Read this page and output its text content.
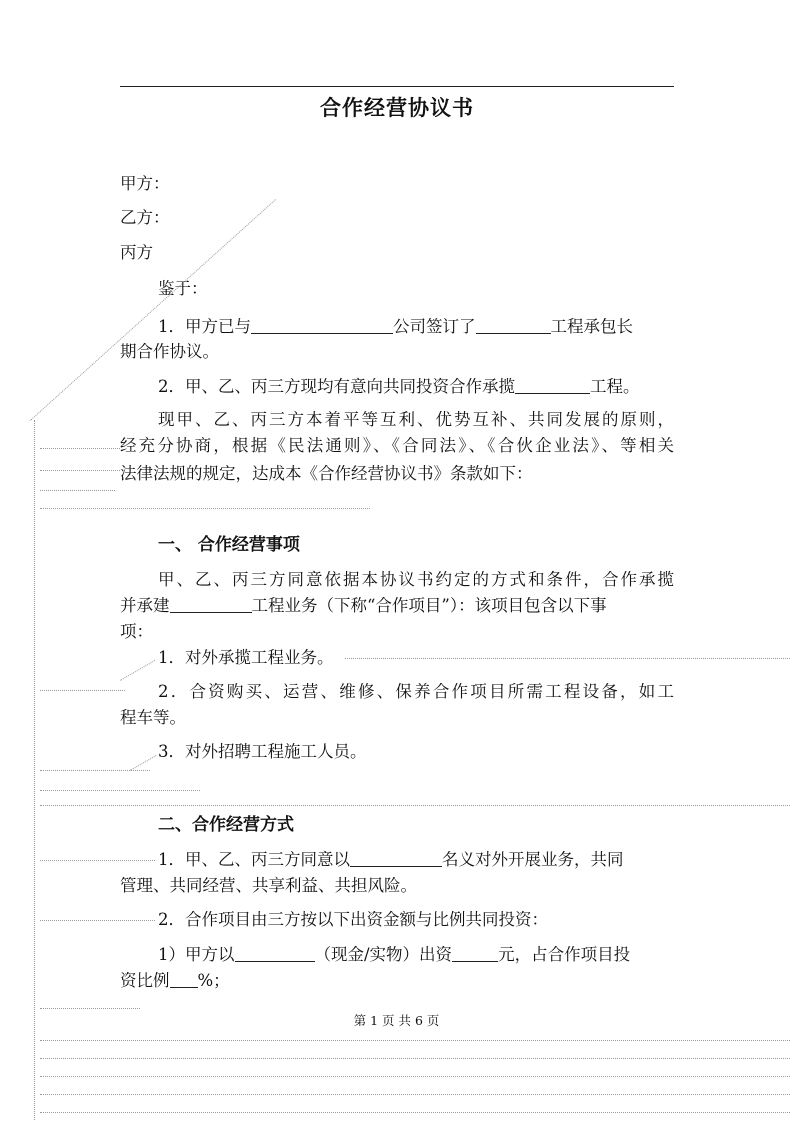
合作经营协议书
甲方：
乙方：
丙方
鉴于：
1．甲方已与	公司签订了	工程承包长
期合作协议。
2．甲、乙、丙三方现均有意向共同投资合作承揽	工程。
现甲、乙、丙三方本着平等互利、优势互补、共同发展的原则，
经充分协商，根据《民法通则》、《合同法》、《合伙企业法》、等相关
法律法规的规定，达成本《合作经营协议书》条款如下：
一、 合作经营事项
甲、乙、丙三方同意依据本协议书约定的方式和条件，合作承揽
并承建	工程业务（下称“合作项目”）：该项目包含以下事
项：
1．对外承揽工程业务。
2．合资购买、运营、维修、保养合作项目所需工程设备，如工
程车等。
3．对外招聘工程施工人员。
二、合作经营方式
1．甲、乙、丙三方同意以	名义对外开展业务，共同
管理、共同经营、共享利益、共担风险。
2．合作项目由三方按以下出资金额与比例共同投资：
1）甲方以	（现金/实物）出资	元，占合作项目投
资比例 %；
第 1 页 共 6 页
